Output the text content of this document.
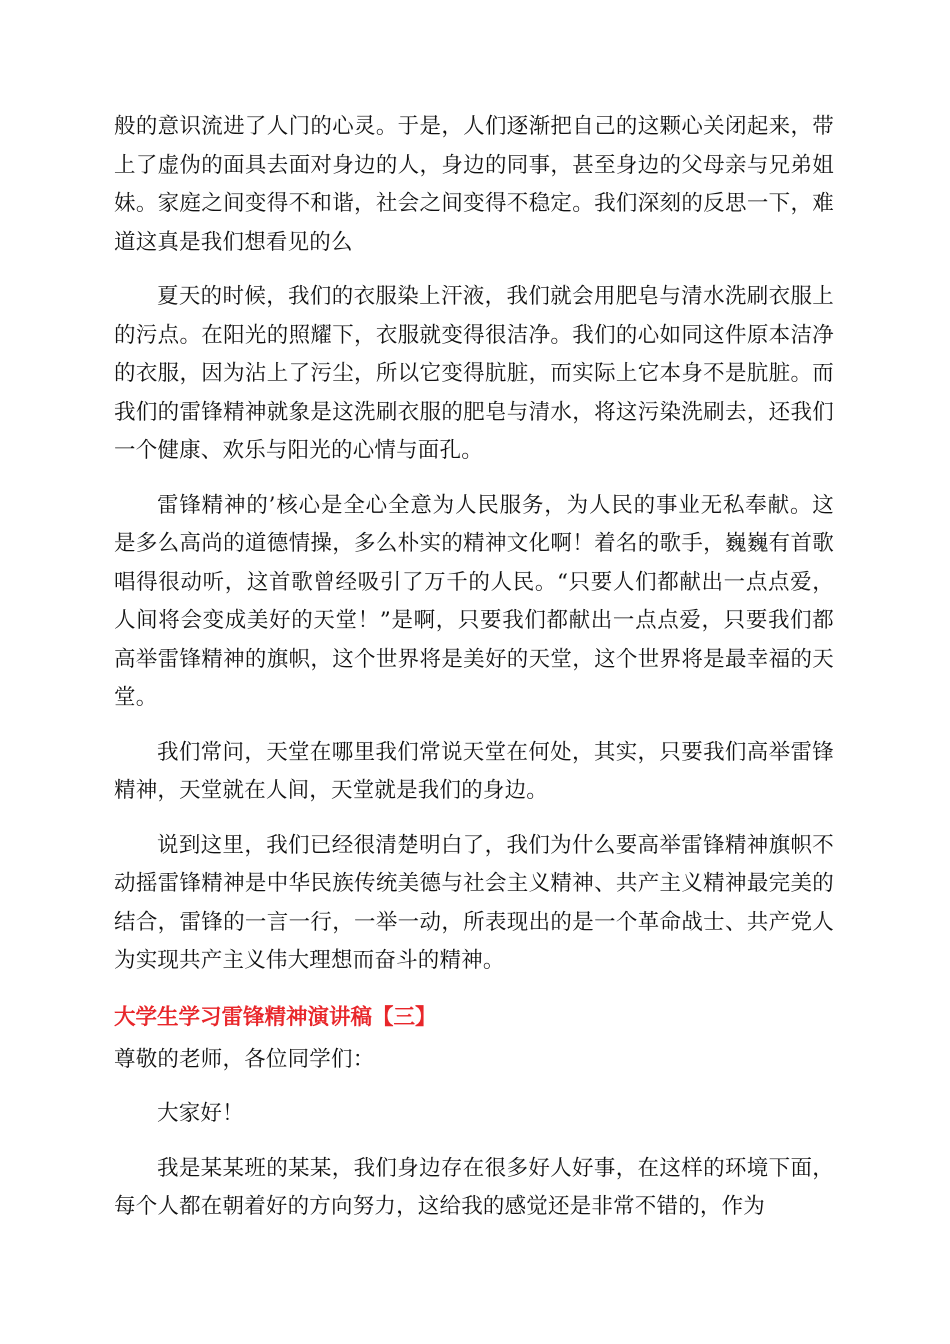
般的意识流进了人门的心灵。于是，人们逐渐把自己的这颗心关闭起来，带上了虚伪的面具去面对身边的人，身边的同事，甚至身边的父母亲与兄弟姐妹。家庭之间变得不和谐，社会之间变得不稳定。我们深刻的反思一下，难道这真是我们想看见的么

夏天的时候，我们的衣服染上汗液，我们就会用肥皂与清水洗刷衣服上的污点。在阳光的照耀下，衣服就变得很洁净。我们的心如同这件原本洁净的衣服，因为沾上了污尘，所以它变得肮脏，而实际上它本身不是肮脏。而我们的雷锋精神就象是这洗刷衣服的肥皂与清水，将这污染洗刷去，还我们一个健康、欢乐与阳光的心情与面孔。

雷锋精神的’核心是全心全意为人民服务，为人民的事业无私奉献。这是多么高尚的道德情操，多么朴实的精神文化啊！着名的歌手，巍巍有首歌唱得很动听，这首歌曾经吸引了万千的人民。“只要人们都献出一点点爱，人间将会变成美好的天堂！”是啊，只要我们都献出一点点爱，只要我们都高举雷锋精神的旗帜，这个世界将是美好的天堂，这个世界将是最幸福的天堂。

我们常问，天堂在哪里我们常说天堂在何处，其实，只要我们高举雷锋精神，天堂就在人间，天堂就是我们的身边。

说到这里，我们已经很清楚明白了，我们为什么要高举雷锋精神旗帜不动摇雷锋精神是中华民族传统美德与社会主义精神、共产主义精神最完美的结合，雷锋的一言一行，一举一动，所表现出的是一个革命战士、共产党人为实现共产主义伟大理想而奋斗的精神。

大学生学习雷锋精神演讲稿【三】

尊敬的老师，各位同学们：

大家好！

我是某某班的某某，我们身边存在很多好人好事，在这样的环境下面，每个人都在朝着好的方向努力，这给我的感觉还是非常不错的，作为
